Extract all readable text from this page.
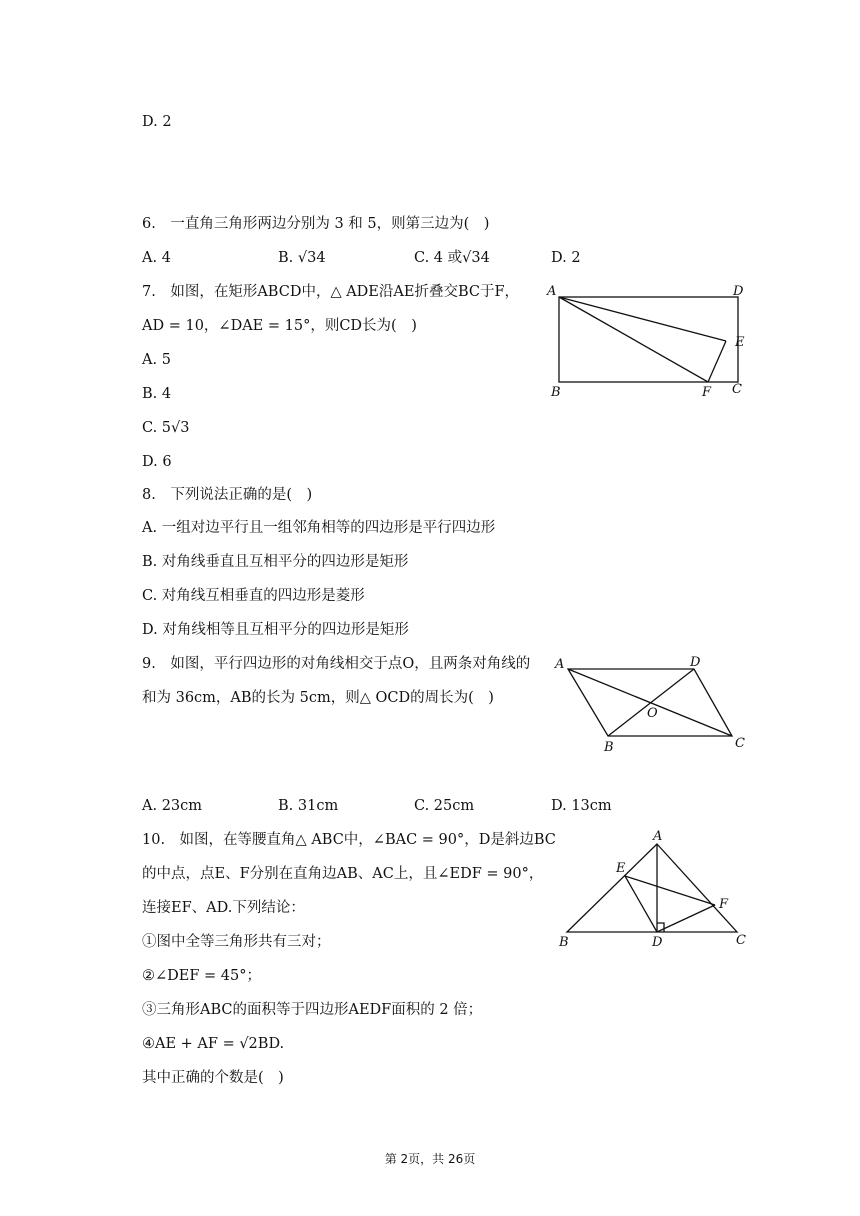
D. 2
6.　一直角三角形两边分别为 3 和 5，则第三边为(　)
A. 4	B. √34	C. 4 或√34	D. 2
7.　如图，在矩形ABCD中，△ ADE沿AE折叠交BC于F，
AD = 10，∠DAE = 15°，则CD长为(　)
A. 5
B. 4
C. 5√3
D. 6
A	D
E
B	F C
8.　下列说法正确的是(　)
A. 一组对边平行且一组邻角相等的四边形是平行四边形
B. 对角线垂直且互相平分的四边形是矩形
C. 对角线互相垂直的四边形是菱形
D. 对角线相等且互相平分的四边形是矩形
9.　如图，平行四边形的对角线相交于点O，且两条对角线的
和为 36cm，AB的长为 5cm，则△ OCD的周长为(　)
A	D
O
B	C
A. 23cm	B. 31cm	C. 25cm	D. 13cm
10.　如图，在等腰直角△ ABC中，∠BAC = 90°，D是斜边BC
的中点，点E、F分别在直角边AB、AC上，且∠EDF = 90°，
连接EF、AD.下列结论：
①图中全等三角形共有三对；
②∠DEF = 45°；
③三角形ABC的面积等于四边形AEDF面积的 2 倍；
④AE + AF = √2BD.
其中正确的个数是(　)
A
E
F
B	D	C
第 2页，共 26页
